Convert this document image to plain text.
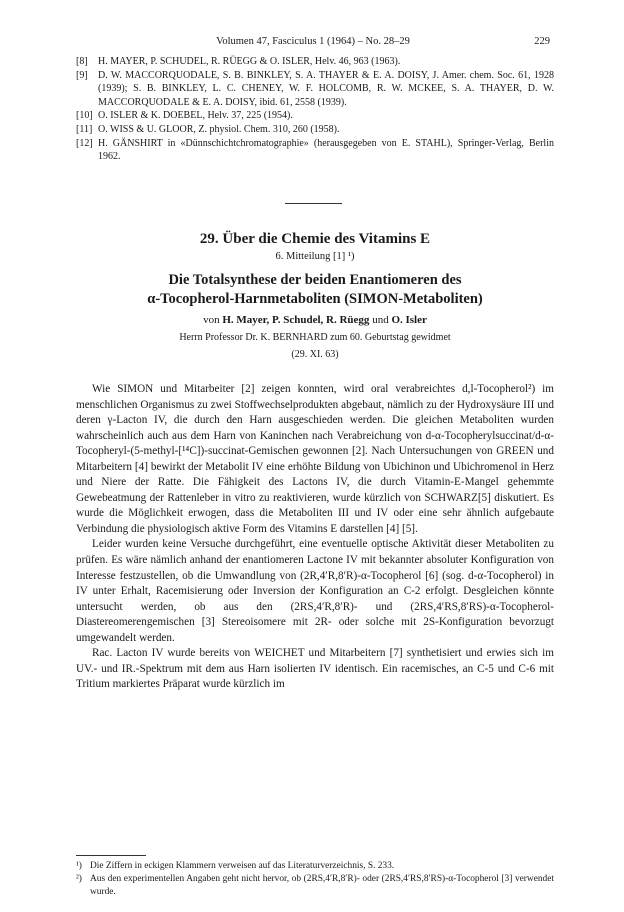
Volumen 47, Fasciculus 1 (1964) – No. 28–29	229
[8]	H. MAYER, P. SCHUDEL, R. RÜEGG & O. ISLER, Helv. 46, 963 (1963).
[9]	D. W. MACCORQUODALE, S. B. BINKLEY, S. A. THAYER & E. A. DOISY, J. Amer. chem. Soc. 61, 1928 (1939); S. B. BINKLEY, L. C. CHENEY, W. F. HOLCOMB, R. W. MCKEE, S. A. THAYER, D. W. MACCORQUODALE & E. A. DOISY, ibid. 61, 2558 (1939).
[10] O. ISLER & K. DOEBEL, Helv. 37, 225 (1954).
[11] O. WISS & U. GLOOR, Z. physiol. Chem. 310, 260 (1958).
[12] H. GÄNSHIRT in «Dünnschichtchromatographie» (herausgegeben von E. STAHL), Springer-Verlag, Berlin 1962.
29. Über die Chemie des Vitamins E
6. Mitteilung [1] ¹)
Die Totalsynthese der beiden Enantiomeren des
α-Tocopherol-Harnmetaboliten (SIMON-Metaboliten)
von H. Mayer, P. Schudel, R. Rüegg und O. Isler
Herrn Professor Dr. K. BERNHARD zum 60. Geburtstag gewidmet
(29. XI. 63)

Wie SIMON und Mitarbeiter [2] zeigen konnten, wird oral verabreichtes d,l-Tocopherol²) im menschlichen Organismus zu zwei Stoffwechselprodukten abgebaut, nämlich zu der Hydroxysäure III und deren γ-Lacton IV, die durch den Harn ausgeschieden werden. Die gleichen Metaboliten wurden wahrscheinlich auch aus dem Harn von Kaninchen nach Verabreichung von d-α-Tocopherylsuccinat/d-α-Tocopheryl-(5-methyl-[¹⁴C])-succinat-Gemischen gewonnen [2]. Nach Untersuchungen von GREEN und Mitarbeitern [4] bewirkt der Metabolit IV eine erhöhte Bildung von Ubichinon und Ubichromenol in Herz und Niere der Ratte. Die Fähigkeit des Lactons IV, die durch Vitamin-E-Mangel gehemmte Gewebeatmung der Rattenleber in vitro zu reaktivieren, wurde kürzlich von SCHWARZ[5] diskutiert. Es wurde die Möglichkeit erwogen, dass die Metaboliten III und IV oder eine sehr ähnlich aufgebaute Verbindung die physiologisch aktive Form des Vitamins E darstellen [4] [5].

Leider wurden keine Versuche durchgeführt, eine eventuelle optische Aktivität dieser Metaboliten zu prüfen. Es wäre nämlich anhand der enantiomeren Lactone IV mit bekannter absoluter Konfiguration von Interesse festzustellen, ob die Umwandlung von (2R,4′R,8′R)-α-Tocopherol [6] (sog. d-α-Tocopherol) in IV unter Erhalt, Racemisierung oder Inversion der Konfiguration an C-2 erfolgt. Desgleichen könnte untersucht werden, ob aus den (2RS,4′R,8′R)- und (2RS,4′RS,8′RS)-α-Tocopherol-Diastereomerengemischen [3] Stereoisomere mit 2R- oder solche mit 2S-Konfiguration bevorzugt umgewandelt werden.

Rac. Lacton IV wurde bereits von WEICHET und Mitarbeitern [7] synthetisiert und erwies sich im UV.- und IR.-Spektrum mit dem aus Harn isolierten IV identisch. Ein racemisches, an C-5 und C-6 mit Tritium markiertes Präparat wurde kürzlich im

¹) Die Ziffern in eckigen Klammern verweisen auf das Literaturverzeichnis, S. 233.
²) Aus den experimentellen Angaben geht nicht hervor, ob (2RS,4′R,8′R)- oder (2RS,4′RS,8′RS)-α-Tocopherol [3] verwendet wurde.
